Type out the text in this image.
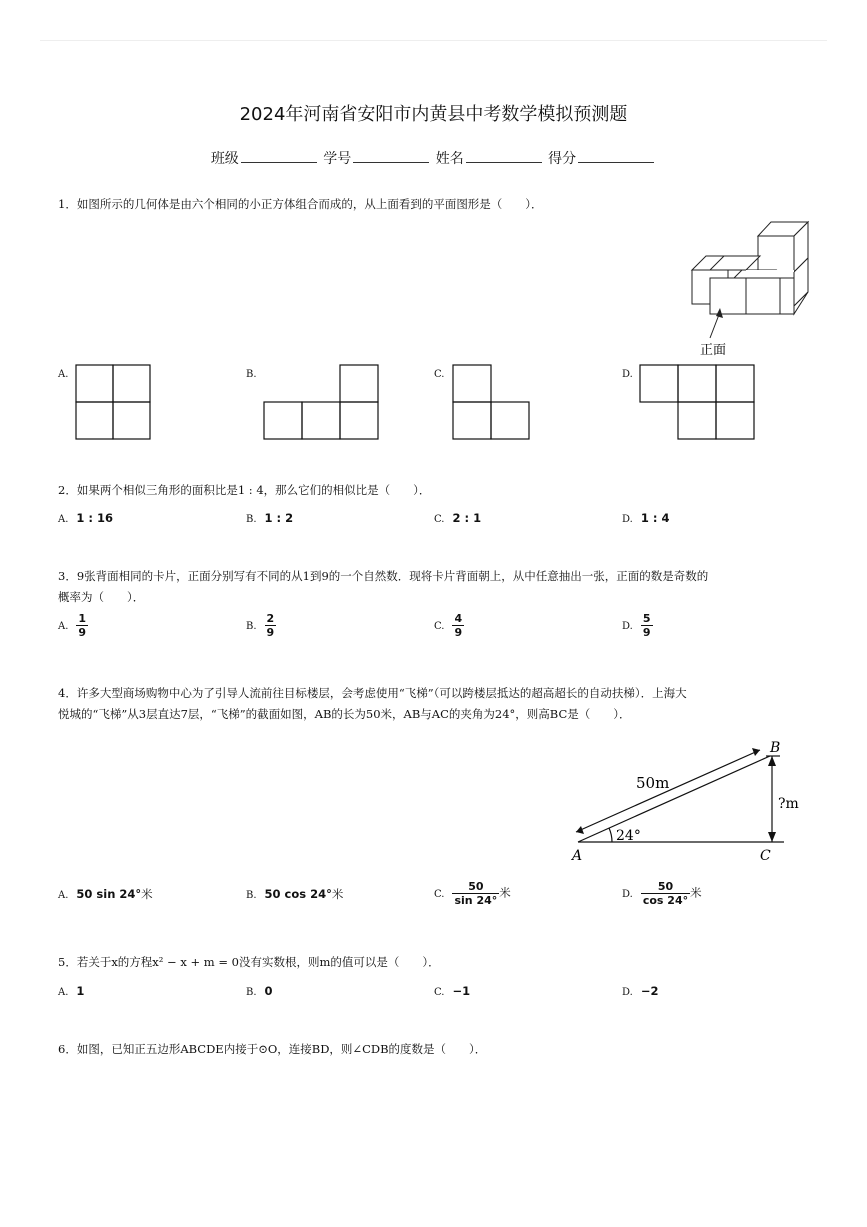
2024年河南省安阳市内黄县中考数学模拟预测题
班级	学号	姓名	得分
1．如图所示的几何体是由六个相同的小正方体组合而成的，从上面看到的平面图形是（　　）．
正面
A.	B.	C.	D.
2．如果两个相似三角形的面积比是1 : 4，那么它们的相似比是（　　）．
A. 1 : 16	B. 1 : 2	C. 2 : 1	D. 1 : 4
3．9张背面相同的卡片，正面分别写有不同的从1到9的一个自然数．现将卡片背面朝上，从中任意抽出一张，正面的数是奇数的
概率为（　　）．
A. $\frac{1}{9}$	B. $\frac{2}{9}$	C. $\frac{4}{9}$	D. $\frac{5}{9}$
4．许多大型商场购物中心为了引导人流前往目标楼层，会考虑使用“飞梯”（可以跨楼层抵达的超高超长的自动扶梯）．上海大
悦城的“飞梯”从3层直达7层，“飞梯”的截面如图，AB的长为50米，AB与AC的夹角为24°，则高BC是（　　）．
50m
24°
?m
A
B
C
A. 50 sin 24°米	B. 50 cos 24°米	C. $\frac{50}{\sin 24^\circ}$ 米	D. $\frac{50}{\cos 24^\circ}$ 米
5．若关于x的方程x² − x + m = 0没有实数根，则m的值可以是（　　）．
A. 1	B. 0	C. −1	D. −2
6．如图，已知正五边形ABCDE内接于⊙O，连接BD，则∠CDB的度数是（　　）．
